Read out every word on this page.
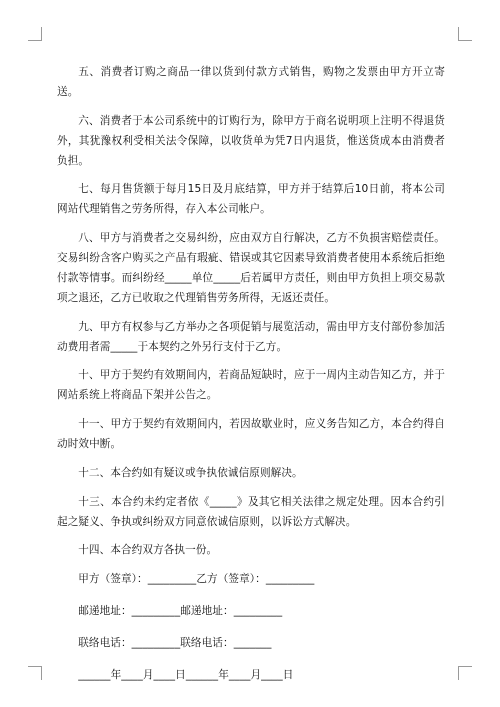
五、消费者订购之商品一律以货到付款方式销售，购物之发票由甲方开立寄送。

六、消费者于本公司系统中的订购行为，除甲方于商名说明项上注明不得退货外，其犹豫权利受相关法令保障，以收货单为凭7日内退货，惟送货成本由消费者负担。

七、每月售货额于每月15日及月底结算，甲方并于结算后10日前，将本公司网站代理销售之劳务所得，存入本公司帐户。

八、甲方与消费者之交易纠纷，应由双方自行解决，乙方不负损害赔偿责任。交易纠纷含客户购买之产品有瑕疵、错误或其它因素导致消费者使用本系统后拒绝付款等情事。而纠纷经_____单位_____后若属甲方责任，则由甲方负担上项交易款项之退还，乙方已收取之代理销售劳务所得，无返还责任。

九、甲方有权参与乙方举办之各项促销与展览活动，需由甲方支付部份参加活动费用者需_____于本契约之外另行支付于乙方。

十、甲方于契约有效期间内，若商品短缺时，应于一周内主动告知乙方，并于网站系统上将商品下架并公告之。

十一、甲方于契约有效期间内，若因故歇业时，应义务告知乙方，本合约得自动时效中断。

十二、本合约如有疑议或争执依诚信原则解决。

十三、本合约未约定者依《_____》及其它相关法律之规定处理。因本合约引起之疑义、争执或纠纷双方同意依诚信原则，以诉讼方式解决。

十四、本合约双方各执一份。

甲方（签章）：_________乙方（签章）：_________

邮递地址：_________邮递地址：_________

联络电话：_________联络电话：_______

______年____月____日______年____月____日
